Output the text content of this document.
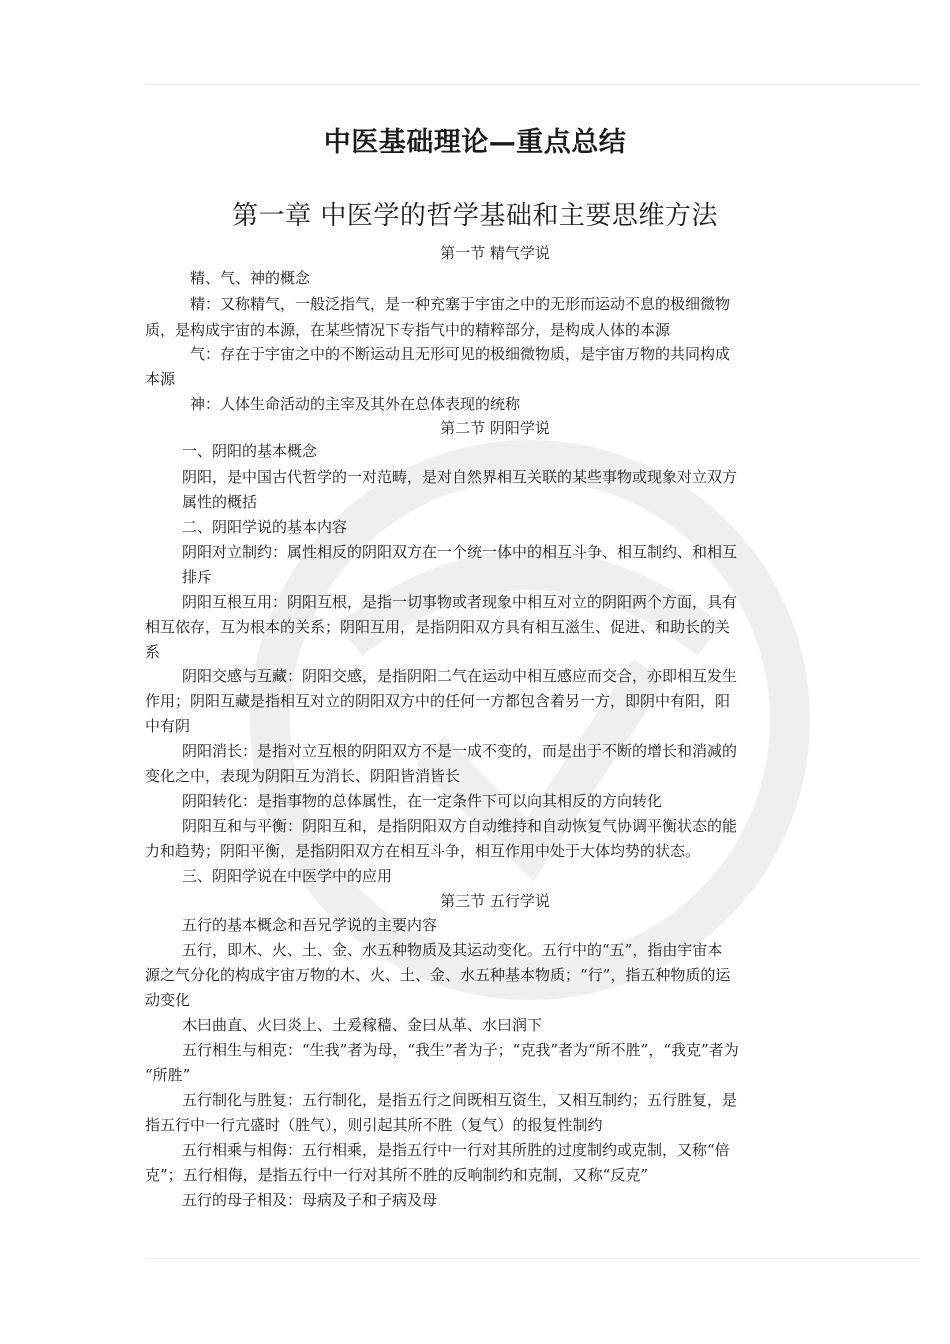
中医基础理论—重点总结
第一章 中医学的哲学基础和主要思维方法
第一节 精气学说
精、气、神的概念
精：又称精气，一般泛指气，是一种充塞于宇宙之中的无形而运动不息的极细微物
质，是构成宇宙的本源，在某些情况下专指气中的精粹部分，是构成人体的本源
气：存在于宇宙之中的不断运动且无形可见的极细微物质，是宇宙万物的共同构成
本源
神：人体生命活动的主宰及其外在总体表现的统称
第二节 阴阳学说
一、阴阳的基本概念
阴阳，是中国古代哲学的一对范畴，是对自然界相互关联的某些事物或现象对立双方
属性的概括
二、阴阳学说的基本内容
阴阳对立制约：属性相反的阴阳双方在一个统一体中的相互斗争、相互制约、和相互
排斥
阴阳互根互用：阴阳互根，是指一切事物或者现象中相互对立的阴阳两个方面，具有
相互依存，互为根本的关系；阴阳互用，是指阴阳双方具有相互滋生、促进、和助长的关
系
阴阳交感与互藏：阴阳交感，是指阴阳二气在运动中相互感应而交合，亦即相互发生
作用；阴阳互藏是指相互对立的阴阳双方中的任何一方都包含着另一方，即阴中有阳，阳
中有阴
阴阳消长：是指对立互根的阴阳双方不是一成不变的，而是出于不断的增长和消减的
变化之中，表现为阴阳互为消长、阴阳皆消皆长
阴阳转化：是指事物的总体属性，在一定条件下可以向其相反的方向转化
阴阳互和与平衡：阴阳互和，是指阴阳双方自动维持和自动恢复气协调平衡状态的能
力和趋势；阴阳平衡，是指阴阳双方在相互斗争，相互作用中处于大体均势的状态。
三、阴阳学说在中医学中的应用
第三节 五行学说
五行的基本概念和吾兄学说的主要内容
五行，即木、火、土、金、水五种物质及其运动变化。五行中的“五”，指由宇宙本
源之气分化的构成宇宙万物的木、火、土、金、水五种基本物质；“行”，指五种物质的运
动变化
木曰曲直、火曰炎上、土爰稼穑、金曰从革、水曰润下
五行相生与相克：“生我”者为母，“我生”者为子；“克我”者为“所不胜”，“我克”者为
“所胜”
五行制化与胜复：五行制化，是指五行之间既相互资生，又相互制约；五行胜复，是
指五行中一行亢盛时（胜气），则引起其所不胜（复气）的报复性制约
五行相乘与相侮：五行相乘，是指五行中一行对其所胜的过度制约或克制，又称“倍
克”；五行相侮，是指五行中一行对其所不胜的反响制约和克制，又称“反克”
五行的母子相及：母病及子和子病及母
